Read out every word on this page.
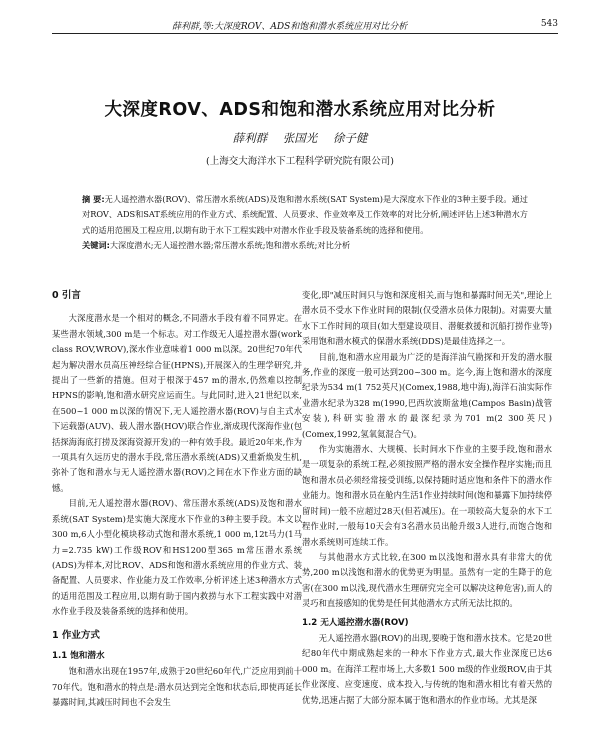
薛利群,等:大深度ROV、ADS和饱和潜水系统应用对比分析	543
大深度ROV、ADS和饱和潜水系统应用对比分析
薛利群 张国光 徐子健
(上海交大海洋水下工程科学研究院有限公司)

摘 要:无人遥控潜水器(ROV)、常压潜水系统(ADS)及饱和潜水系统(SAT System)是大深度水下作业的3种主要手段。通过对ROV、ADS和SAT系统应用的作业方式、系统配置、人员要求、作业效率及工作效率的对比分析,阐述评估上述3种潜水方式的适用范围及工程应用,以期有助于水下工程实践中对潜水作业手段及装备系统的选择和使用。

关键词:大深度潜水;无人遥控潜水器;常压潜水系统;饱和潜水系统;对比分析

0 引言

大深度潜水是一个相对的概念,不同潜水手段有着不同界定。在某些潜水领域,300 m是一个标志。对工作级无人遥控潜水器(work class ROV,WROV),深水作业意味着1 000 m以深。20世纪70年代起为解决潜水员高压神经综合征(HPNS),开展深入的生理学研究,并提出了一些新的措施。但对于根深于457 m的潜水,仍然难以控制HPNS的影响,饱和潜水研究应运而生。与此同时,进入21世纪以来,在500~1 000 m以深的情况下,无人遥控潜水器(ROV)与自主式水下运载器(AUV)、载人潜水器(HOV)联合作业,渐成现代深海作业(包括探海海底打捞及深海资源开发)的一种有效手段。最近20年来,作为一项具有久远历史的潜水手段,常压潜水系统(ADS)又重新焕发生机,弥补了饱和潜水与无人遥控潜水器(ROV)之间在水下作业方面的缺憾。

目前,无人遥控潜水器(ROV)、常压潜水系统(ADS)及饱和潜水系统(SAT System)是实施大深度水下作业的3种主要手段。本文以300 m,6人小型化模块移动式饱和潜水系统,1 000 m,12t马力(1马力=2.735 kW)工作级ROV和HS1200型365 m常压潜水系统(ADS)为样本,对比ROV、ADS和饱和潜水系统应用的作业方式、装备配置、人员要求、作业能力及工作效率,分析评述上述3种潜水方式的适用范围及工程应用,以期有助于国内救捞与水下工程实践中对潜水作业手段及装备系统的选择和使用。

1 作业方式
1.1 饱和潜水

饱和潜水出现在1957年,成熟于20世纪60年代,广泛应用到前十70年代。饱和潜水的特点是:潜水员达到完全饱和状态后,即使再延长暴露时间,其减压时间也不会发生

变化,即"减压时间只与饱和深度相关,而与饱和暴露时间无关",理论上潜水员不受水下作业时间的限制(仅受潜水员体力限制)。对需要大量水下工作时间的项目(如大型建设项目、潜艇救援和沉船打捞作业等)采用饱和潜水模式的保潜水系统(DDS)是最佳选择之一。

目前,饱和潜水应用最为广泛的是海洋油气勘探和开发的潜水服务,作业的深度一般可达到200~300 m。迄今,海上饱和潜水的深度纪录为534 m(1 752英尺)(Comex,1988,地中海),海洋石油实际作业潜水纪录为328 m(1990,巴西坎波斯盆地(Campos Basin)战管安装),科研实验潜水的最深纪录为701 m(2 300英尺)(Comex,1992,氢氧氦混合气)。

作为实施潜水、大规模、长时间水下作业的主要手段,饱和潜水是一项复杂的系统工程,必须按照严格的潜水安全操作程序实施;而且饱和潜水员必须经常接受训练,以保持随时适应饱和条件下的潜水作业能力。饱和潜水员在舱内生活1作业持续时间(饱和暴露下加持续停留时间)一般不应超过28天(但若减压)。在一项较高大复杂的水下工程作业时,一般每10天会有3名潜水员出舱升级3人进行,而饱合饱和潜水系统则可连续工作。

与其他潜水方式比较,在300 m以浅饱和潜水具有非常大的优势,200 m以浅饱和潜水的优势更为明显。虽然有一定的生降于的危害(在300 m以浅,现代潜水生理研究完全可以解决这种危害),而人的灵巧和直接感知的优势是任何其他潜水方式所无法比拟的。

1.2 无人遥控潜水器(ROV)

无人遥控潜水器(ROV)的出现,要晚于饱和潜水技术。它是20世纪80年代中期成熟起来的一种水下作业方式,最大作业深度已达6 000 m。在海洋工程市场上,大多数1 500 m级的作业级ROV,由于其作业深度、应变速度、成本投入,与传统的饱和潜水相比有着天然的优势,迅速占据了大部分原本属于饱和潜水的作业市场。尤其是深
